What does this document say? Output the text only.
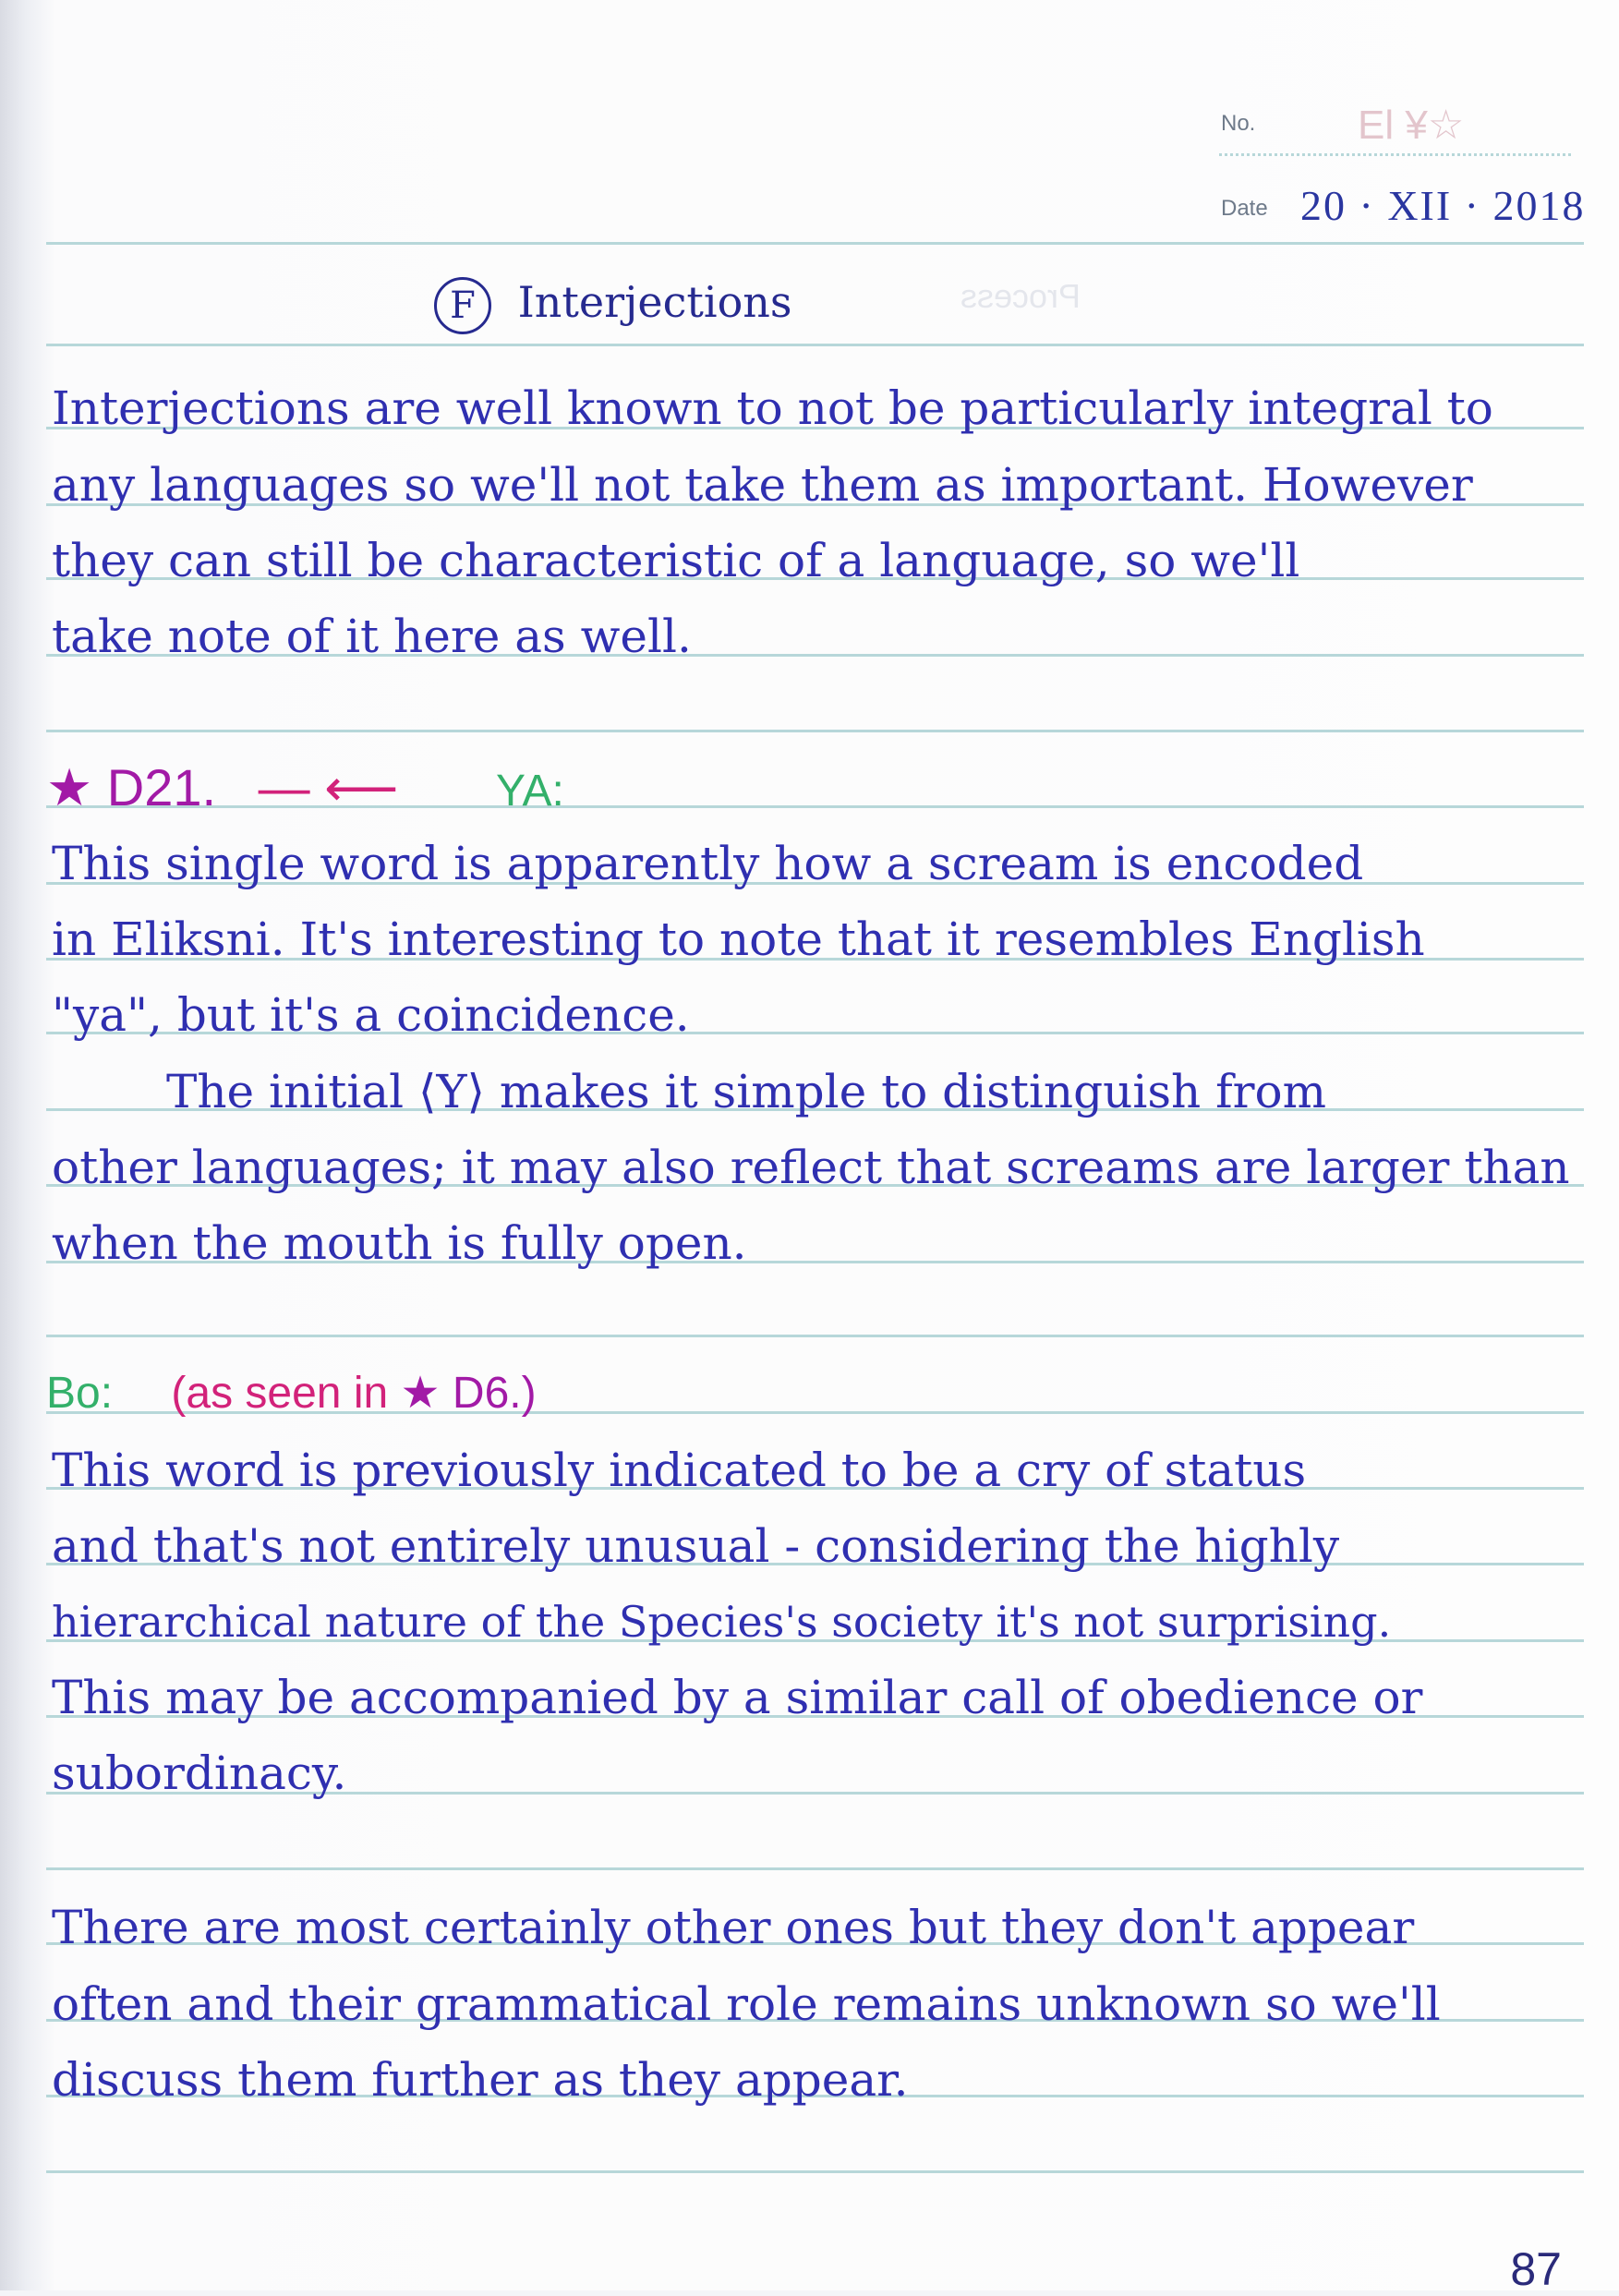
No.	El ¥☆
Date 20 · XII · 2018
Process
F Interjections
Interjections are well known to not be particularly integral to
any languages so we'll not take them as important. However
they can still be characteristic of a language, so we'll
take note of it here as well.
★ D21. — ⟵ YA:
This single word is apparently how a scream is encoded
in Eliksni. It's interesting to note that it resembles English
"ya", but it's a coincidence.
The initial ⟨Y⟩ makes it simple to distinguish from
other languages; it may also reflect that screams are larger than
when the mouth is fully open.
Bo: (as seen in ★ D6.)
This word is previously indicated to be a cry of status
and that's not entirely unusual - considering the highly
hierarchical nature of the Species's society it's not surprising.
This may be accompanied by a similar call of obedience or
subordinacy.
There are most certainly other ones but they don't appear
often and their grammatical role remains unknown so we'll
discuss them further as they appear.
87
